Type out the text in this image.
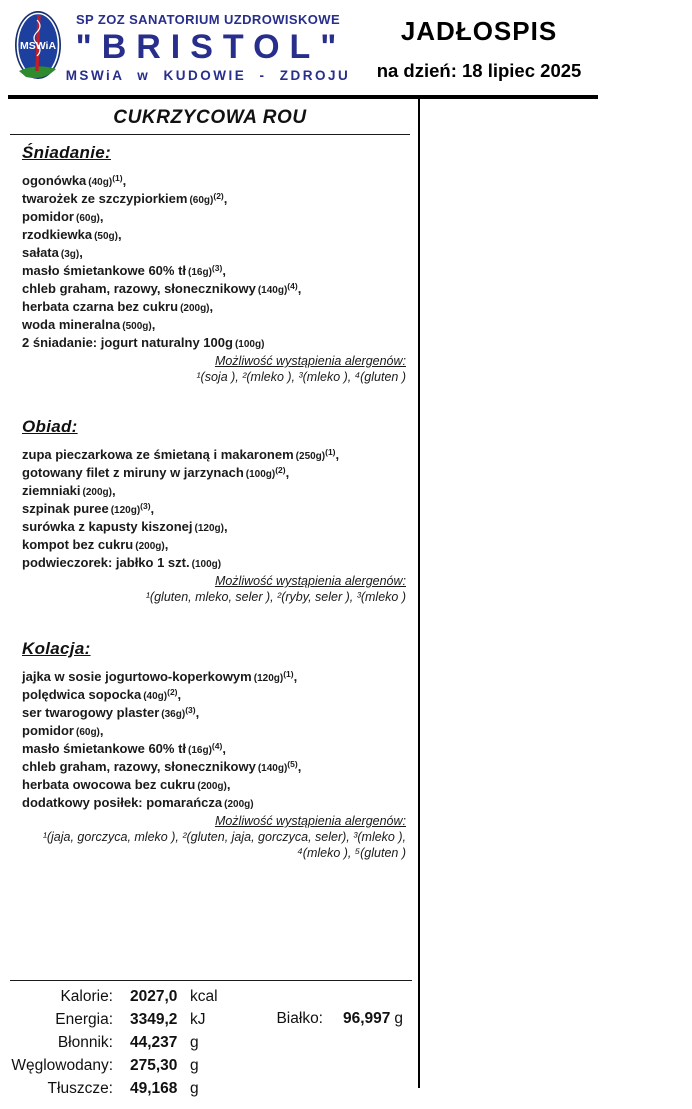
MSWiA
SP ZOZ SANATORIUM UZDROWISKOWE
"BRISTOL"
MSWiA w KUDOWIE - ZDROJU
JADŁOSPIS
na dzień: 18 lipiec 2025
CUKRZYCOWA ROU
Śniadanie:
ogonówka $(40g)^{(1)}$,
twarożek ze szczypiorkiem $(60g)^{(2)}$,
pomidor (60g),
rzodkiewka (50g),
sałata (3g),
masło śmietankowe 60% tł $(16g)^{(3)}$,
chleb graham, razowy, słonecznikowy $(140g)^{(4)}$,
herbata czarna bez cukru (200g),
woda mineralna (500g),
2 śniadanie: jogurt naturalny 100g (100g)
Możliwość wystąpienia alergenów:
¹(soja ), ²(mleko ), ³(mleko ), ⁴(gluten )
Obiad:
zupa pieczarkowa ze śmietaną i makaronem $(250g)^{(1)}$,
gotowany filet z miruny w jarzynach $(100g)^{(2)}$,
ziemniaki (200g),
szpinak puree $(120g)^{(3)}$,
surówka z kapusty kiszonej (120g),
kompot bez cukru (200g),
podwieczorek: jabłko 1 szt. (100g)
Możliwość wystąpienia alergenów:
¹(gluten, mleko, seler ), ²(ryby, seler ), ³(mleko )
Kolacja:
jajka w sosie jogurtowo-koperkowym $(120g)^{(1)}$,
polędwica sopocka $(40g)^{(2)}$,
ser twarogowy plaster $(36g)^{(3)}$,
pomidor (60g),
masło śmietankowe 60% tł $(16g)^{(4)}$,
chleb graham, razowy, słonecznikowy $(140g)^{(5)}$,
herbata owocowa bez cukru (200g),
dodatkowy posiłek: pomarańcza (200g)
Możliwość wystąpienia alergenów:
¹(jaja, gorczyca, mleko ), ²(gluten, jaja, gorczyca, seler), ³(mleko ),
⁴(mleko ), ⁵(gluten )
Kalorie: 2027,0 kcal
Energia: 3349,2 kJ
Błonnik: 44,237 g
Węglowodany: 275,30 g
Tłuszcze: 49,168 g
Białko: 96,997 g
